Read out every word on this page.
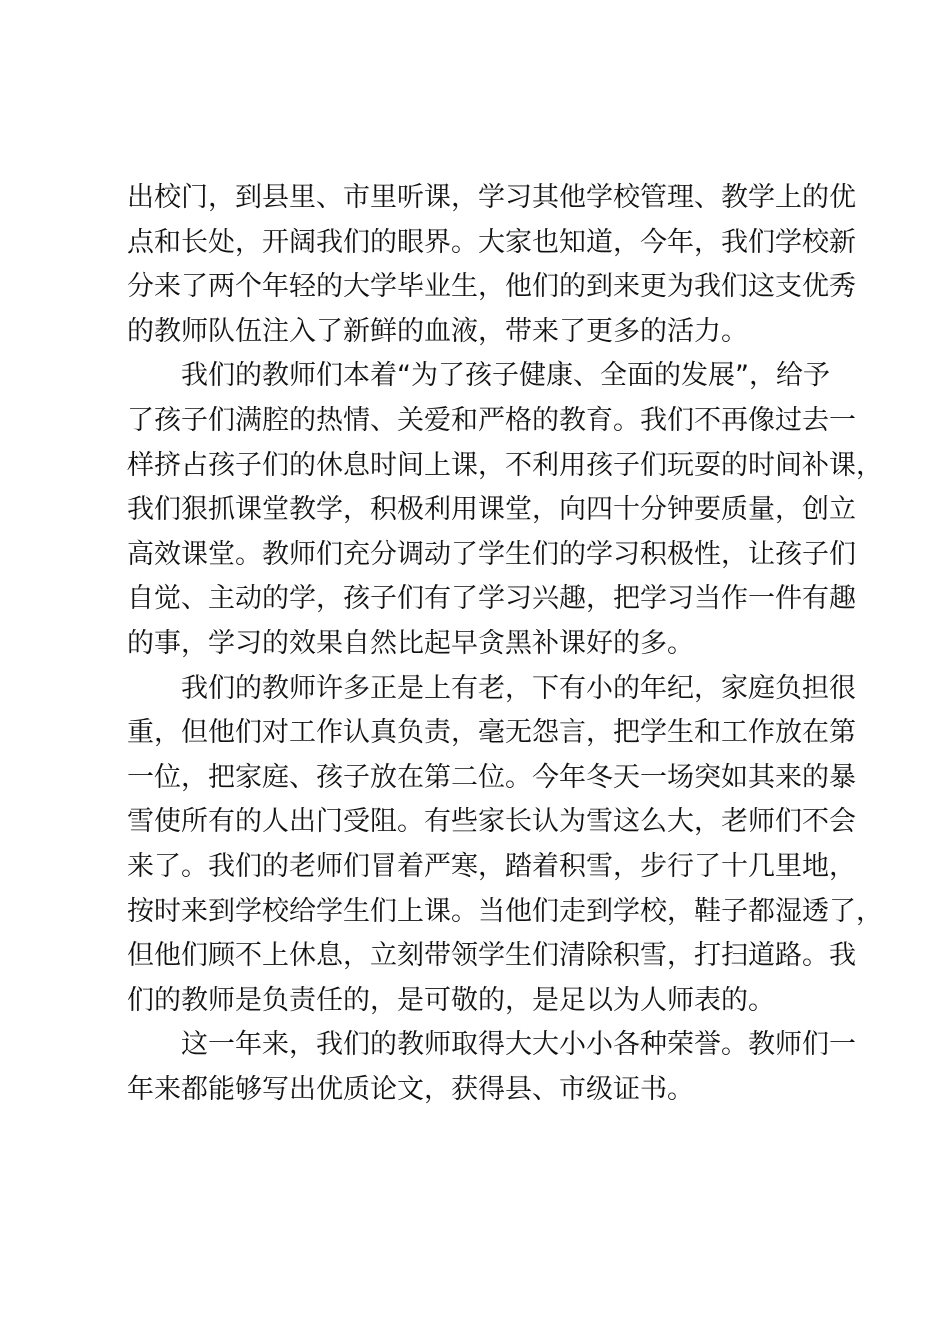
出校门，到县里、市里听课，学习其他学校管理、教学上的优
点和长处，开阔我们的眼界。大家也知道，今年，我们学校新
分来了两个年轻的大学毕业生，他们的到来更为我们这支优秀
的教师队伍注入了新鲜的血液，带来了更多的活力。
我们的教师们本着“为了孩子健康、全面的发展”，给予
了孩子们满腔的热情、关爱和严格的教育。我们不再像过去一
样挤占孩子们的休息时间上课，不利用孩子们玩耍的时间补课，
我们狠抓课堂教学，积极利用课堂，向四十分钟要质量，创立
高效课堂。教师们充分调动了学生们的学习积极性，让孩子们
自觉、主动的学，孩子们有了学习兴趣，把学习当作一件有趣
的事，学习的效果自然比起早贪黑补课好的多。
我们的教师许多正是上有老，下有小的年纪，家庭负担很
重，但他们对工作认真负责，毫无怨言，把学生和工作放在第
一位，把家庭、孩子放在第二位。今年冬天一场突如其来的暴
雪使所有的人出门受阻。有些家长认为雪这么大，老师们不会
来了。我们的老师们冒着严寒，踏着积雪，步行了十几里地，
按时来到学校给学生们上课。当他们走到学校，鞋子都湿透了，
但他们顾不上休息，立刻带领学生们清除积雪，打扫道路。我
们的教师是负责任的，是可敬的，是足以为人师表的。
这一年来，我们的教师取得大大小小各种荣誉。教师们一
年来都能够写出优质论文，获得县、市级证书。
